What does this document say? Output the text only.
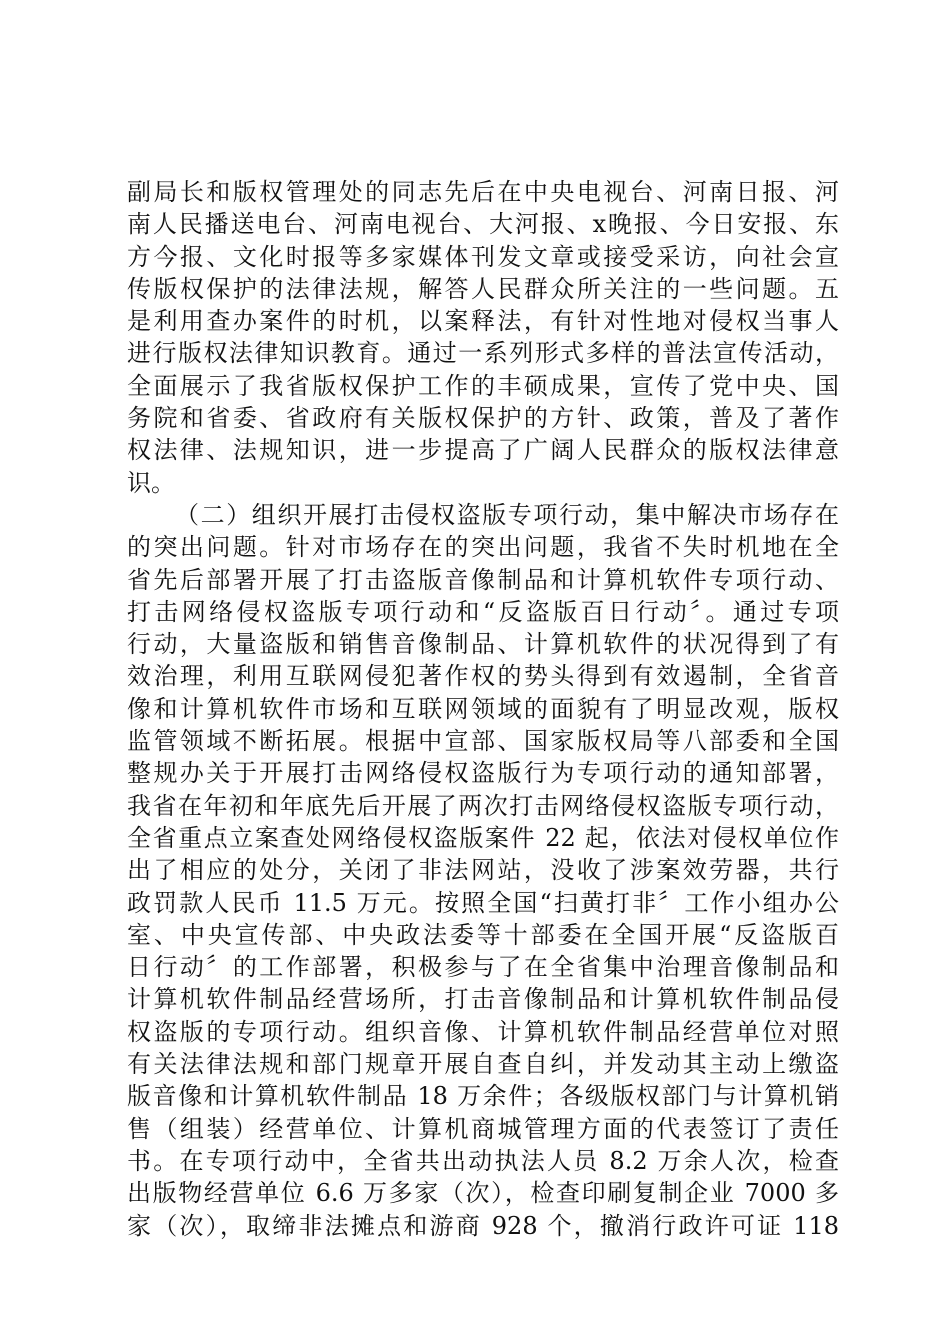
副局长和版权管理处的同志先后在中央电视台、河南日报、河
南人民播送电台、河南电视台、大河报、x晚报、今日安报、东
方今报、文化时报等多家媒体刊发文章或接受采访，向社会宣
传版权保护的法律法规，解答人民群众所关注的一些问题。五
是利用查办案件的时机，以案释法，有针对性地对侵权当事人
进行版权法律知识教育。通过一系列形式多样的普法宣传活动，
全面展示了我省版权保护工作的丰硕成果，宣传了党中央、国
务院和省委、省政府有关版权保护的方针、政策，普及了著作
权法律、法规知识，进一步提高了广阔人民群众的版权法律意
识。
（二）组织开展打击侵权盗版专项行动，集中解决市场存在
的突出问题。针对市场存在的突出问题，我省不失时机地在全
省先后部署开展了打击盗版音像制品和计算机软件专项行动、
打击网络侵权盗版专项行动和“反盗版百日行动〞。通过专项
行动，大量盗版和销售音像制品、计算机软件的状况得到了有
效治理，利用互联网侵犯著作权的势头得到有效遏制，全省音
像和计算机软件市场和互联网领域的面貌有了明显改观，版权
监管领域不断拓展。根据中宣部、国家版权局等八部委和全国
整规办关于开展打击网络侵权盗版行为专项行动的通知部署，
我省在年初和年底先后开展了两次打击网络侵权盗版专项行动，
全省重点立案查处网络侵权盗版案件 22 起，依法对侵权单位作
出了相应的处分，关闭了非法网站，没收了涉案效劳器，共行
政罚款人民币 11.5 万元。按照全国“扫黄打非〞工作小组办公
室、中央宣传部、中央政法委等十部委在全国开展“反盗版百
日行动〞的工作部署，积极参与了在全省集中治理音像制品和
计算机软件制品经营场所，打击音像制品和计算机软件制品侵
权盗版的专项行动。组织音像、计算机软件制品经营单位对照
有关法律法规和部门规章开展自查自纠，并发动其主动上缴盗
版音像和计算机软件制品 18 万余件；各级版权部门与计算机销
售（组装）经营单位、计算机商城管理方面的代表签订了责任
书。在专项行动中，全省共出动执法人员 8.2 万余人次，检查
出版物经营单位 6.6 万多家（次），检查印刷复制企业 7000 多
家（次），取缔非法摊点和游商 928 个，撤消行政许可证 118
